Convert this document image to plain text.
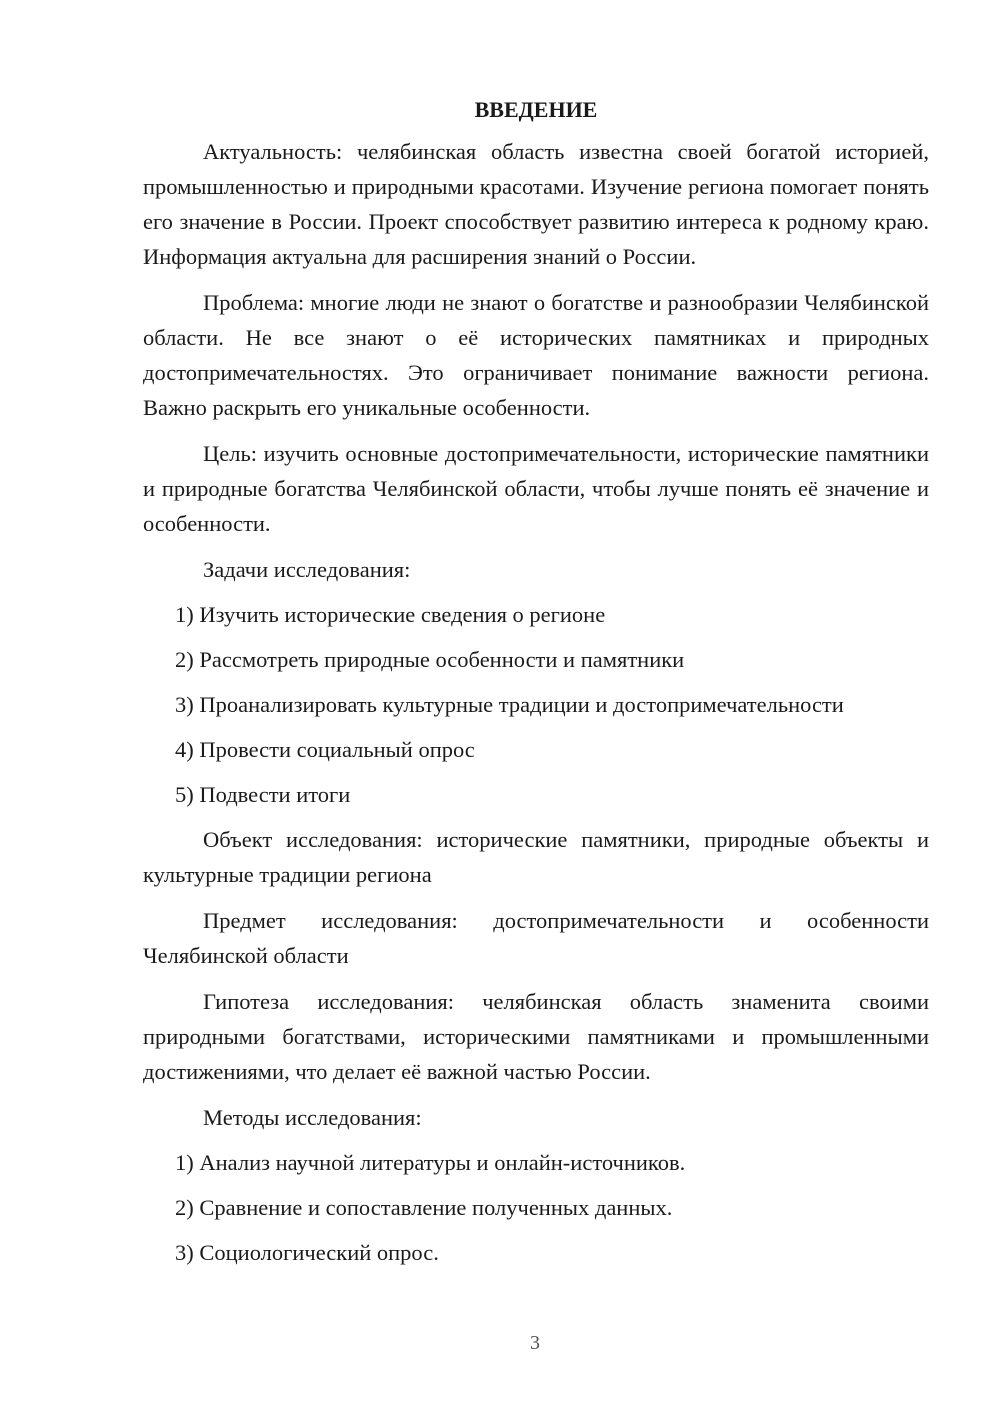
ВВЕДЕНИЕ

Актуальность: челябинская область известна своей богатой историей, промышленностью и природными красотами. Изучение региона помогает понять его значение в России. Проект способствует развитию интереса к родному краю. Информация актуальна для расширения знаний о России.

Проблема: многие люди не знают о богатстве и разнообразии Челябинской области. Не все знают о её исторических памятниках и природных достопримечательностях. Это ограничивает понимание важности региона. Важно раскрыть его уникальные особенности.

Цель: изучить основные достопримечательности, исторические памятники и природные богатства Челябинской области, чтобы лучше понять её значение и особенности.

Задачи исследования:

1) Изучить исторические сведения о регионе
2) Рассмотреть природные особенности и памятники
3) Проанализировать культурные традиции и достопримечательности
4) Провести социальный опрос
5) Подвести итоги

Объект исследования: исторические памятники, природные объекты и культурные традиции региона

Предмет исследования: достопримечательности и особенности Челябинской области

Гипотеза исследования: челябинская область знаменита своими природными богатствами, историческими памятниками и промышленными достижениями, что делает её важной частью России.

Методы исследования:

1) Анализ научной литературы и онлайн-источников.
2) Сравнение и сопоставление полученных данных.
3) Социологический опрос.
3
